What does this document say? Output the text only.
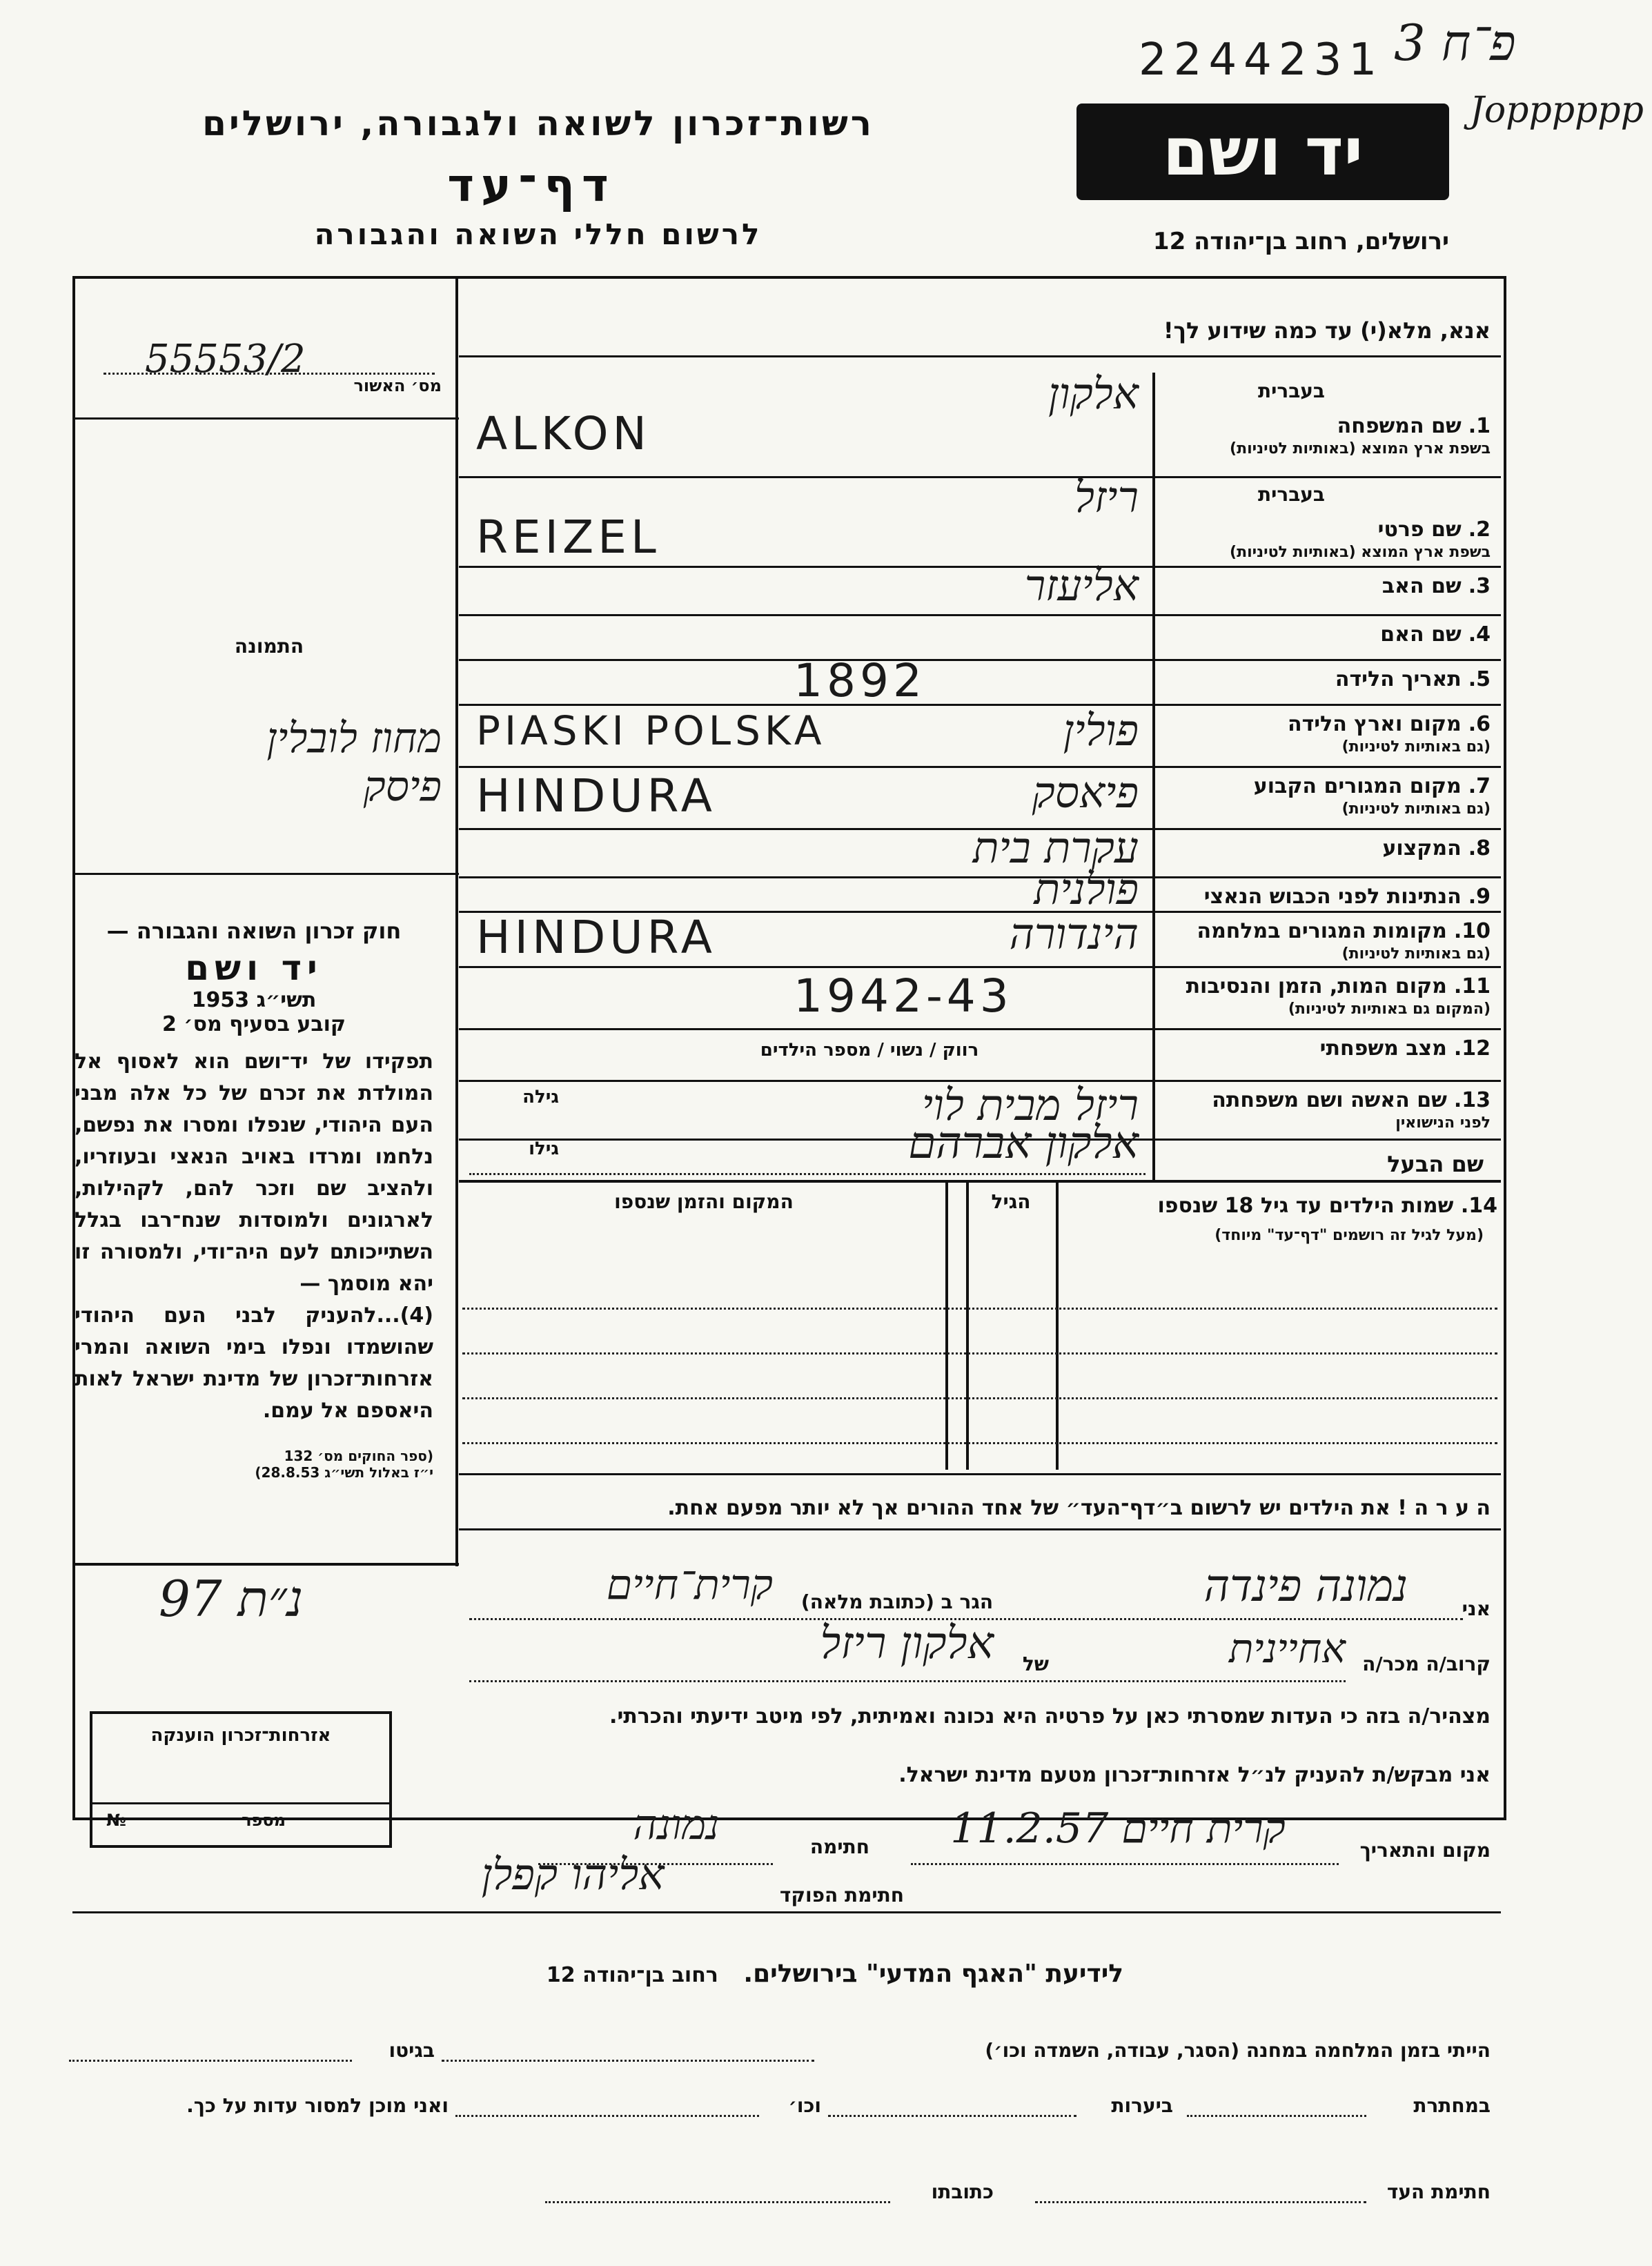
2244231 פ־ח 3
Jopppppp
רשות־זכרון לשואה ולגבורה, ירושלים
דף־עד
לרשום חללי השואה והגבורה
יד ושם
ירושלים, רחוב בן־יהודה 12
אנא, מלא(י) עד כמה שידוע לך!
55553/2
מס׳ האשור
התמונה
מחוז לובלין פיסק
חוק זכרון השואה והגבורה —
יד ושם
תשי״ג 1953
קובע בסעיף מס׳ 2
תפקידו של יד־ושם הוא לאסוף אל המולדת את זכרם של כל אלה מבני העם היהודי, שנפלו ומסרו את נפשם, נלחמו ומרדו באויב הנאצי ובעוזריו, ולהציב שם וזכר להם, לקהילות, לארגונים ולמוסדות שנח־רבו בגלל השתייכותם לעם היה־ודי, ולמסורה זו יהא מוסמך —
(4)...להעניק לבני העם היהודי שהושמדו ונפלו בימי השואה והמרי אזרחות־זכרון של מדינת ישראל לאות היאספם אל עמם.
(ספר החוקים מס׳ 132
י״ז באלול תשי״ג 28.8.53)
בעברית
1.שם המשפחה
בשפת ארץ המוצא (באותיות לטיניות)
אלקון
ALKON
בעברית
2.שם פרטי
בשפת ארץ המוצא (באותיות לטיניות)
ריזל
REIZEL
3.שם האב
אליעזר
4.שם האם
5.תאריך הלידה
1892
6.מקום וארץ הלידה
(גם באותיות לטיניות)
פולין
PIASKI POLSKA
7.מקום המגורים הקבוע
(גם באותיות לטיניות)
פיאסק
HINDURA
8.המקצוע
עקרת בית
9.הנתינות לפני הכבוש הנאצי
פולנית
10.מקומות המגורים במלחמה
(גם באותיות לטיניות)
הינדורה
HINDURA
11.מקום המות, הזמן והנסיבות
(המקום גם באותיות לטיניות)
1942-43
12.מצב משפחתי
13.שם האשה ושם משפחתה
לפני הנישואין
ריזל מבית לוי
רווק / נשוי / מספר הילדים
גילה
שם הבעל
אלקון אברהם
גילו
14. שמות הילדים עד גיל 18 שנספו
(מעל לגיל זה רושמים "דף־עד" מיוחד)
הגיל
המקום והזמן שנספו
ה ע ר ה ! את הילדים יש לרשום ב״דף־העד״ של אחד ההורים אך לא יותר מפעם אחת.
נ״ת 97	אני
נמונה פינדה
הגר ב (כתובת מלאה)
קרית־חיים
קרוב/ה מכר/ה
אחיינית
של
אלקון ריזל
מצהיר/ה בזה כי העדות שמסרתי כאן על פרטיה היא נכונה ואמיתית, לפי מיטב ידיעתי והכרתי.
אני מבקש/ת להעניק לנ״ל אזרחות־זכרון מטעם מדינת ישראל.
מקום והתאריך
קרית חיים 11.2.57
חתימה
נמונה
חתימת הפוקד
אליהו קפלן
אזרחות־זכרון הוענקה
מספר
№
לידיעת "האגף המדעי" בירושלים. רחוב בן־יהודה 12
הייתי בזמן המלחמה במחנה (הסגר, עבודה, השמדה וכו׳)
בגיטו
במחתרת
ביערות
וכו׳
ואני מוכן למסור עדות על כך.
חתימת העד
כתובתו
